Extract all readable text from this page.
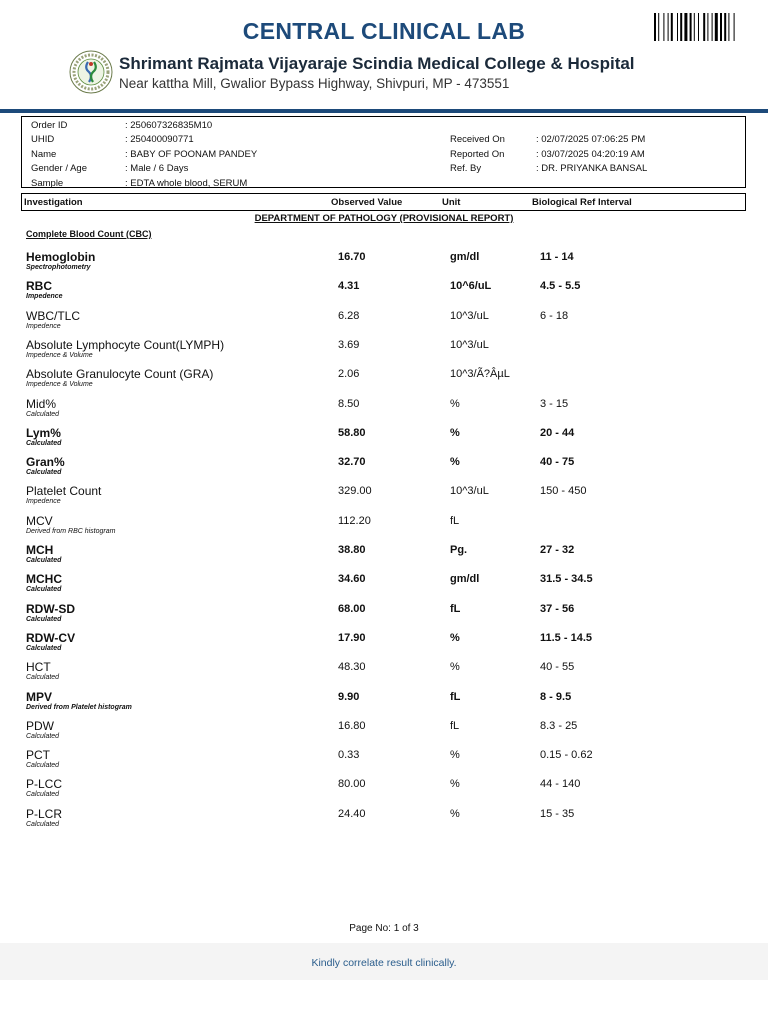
CENTRAL CLINICAL LAB
Shrimant Rajmata Vijayaraje Scindia Medical College & Hospital
Near kattha Mill, Gwalior Bypass Highway, Shivpuri, MP - 473551
Order ID	: 250607326835M10
UHID	: 250400090771
Name	: BABY OF POONAM PANDEY
Gender / Age	: Male / 6 Days
Sample	: EDTA whole blood, SERUM
Received On	: 02/07/2025 07:06:25 PM
Reported On	: 03/07/2025 04:20:19 AM
Ref. By	: DR. PRIYANKA BANSAL
Investigation	Observed Value	Unit	Biological Ref Interval
DEPARTMENT OF PATHOLOGY (PROVISIONAL REPORT)
Complete Blood Count (CBC)
Hemoglobin
Spectrophotometry
16.70	gm/dl	11 - 14
RBC
Impedence
4.31	10^6/uL	4.5 - 5.5
WBC/TLC
Impedence
6.28	10^3/uL	6 - 18
Absolute Lymphocyte Count(LYMPH)
Impedence & Volume
3.69	10^3/uL
Absolute Granulocyte Count (GRA)
Impedence & Volume
2.06	10^3/Ã?ÂµL
Mid%
Calculated
8.50	%	3 - 15
Lym%
Calculated
58.80	%	20 - 44
Gran%
Calculated
32.70	%	40 - 75
Platelet Count
Impedence
329.00	10^3/uL	150 - 450
MCV
Derived from RBC histogram
112.20	fL
MCH
Calculated
38.80	Pg.	27 - 32
MCHC
Calculated
34.60	gm/dl	31.5 - 34.5
RDW-SD
Calculated
68.00	fL	37 - 56
RDW-CV
Calculated
17.90	%	11.5 - 14.5
HCT
Calculated
48.30	%	40 - 55
MPV
Derived from Platelet histogram
9.90	fL	8 - 9.5
PDW
Calculated
16.80	fL	8.3 - 25
PCT
Calculated
0.33	%	0.15 - 0.62
P-LCC
Calculated
80.00	%	44 - 140
P-LCR
Calculated
24.40	%	15 - 35
Page No: 1 of 3
Kindly correlate result clinically.
